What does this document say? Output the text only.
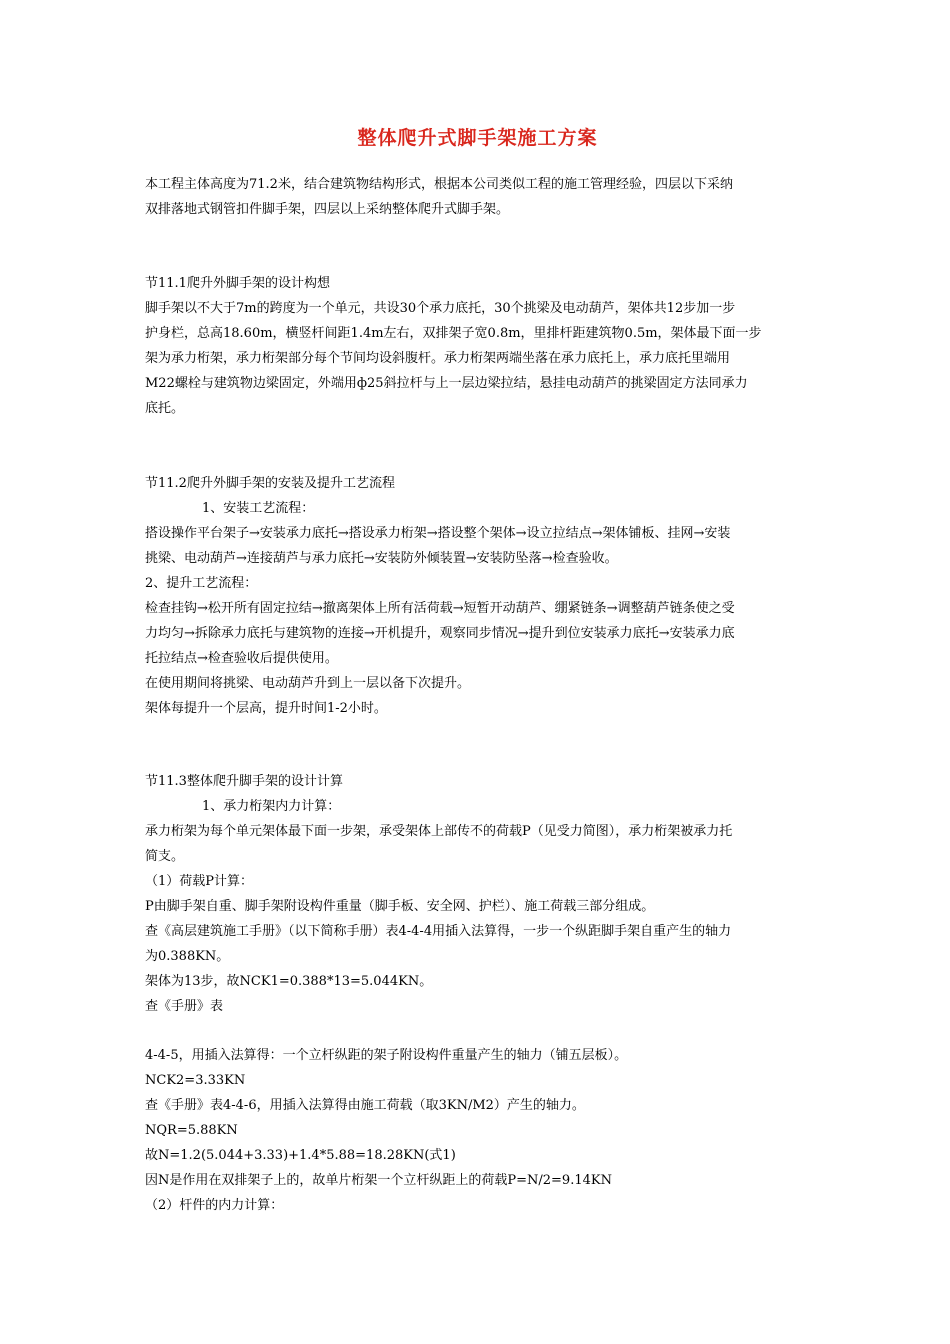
整体爬升式脚手架施工方案

本工程主体高度为71.2米，结合建筑物结构形式，根据本公司类似工程的施工管理经验，四层以下采纳

双排落地式钢管扣件脚手架，四层以上采纳整体爬升式脚手架。

节11.1爬升外脚手架的设计构想

脚手架以不大于7m的跨度为一个单元，共设30个承力底托，30个挑梁及电动葫芦，架体共12步加一步

护身栏，总高18.60m，横竖杆间距1.4m左右，双排架子宽0.8m，里排杆距建筑物0.5m，架体最下面一步

架为承力桁架，承力桁架部分每个节间均设斜腹杆。承力桁架两端坐落在承力底托上，承力底托里端用

M22螺栓与建筑物边梁固定，外端用ф25斜拉杆与上一层边梁拉结，悬挂电动葫芦的挑梁固定方法同承力

底托。

节11.2爬升外脚手架的安装及提升工艺流程

1、安装工艺流程：

搭设操作平台架子→安装承力底托→搭设承力桁架→搭设整个架体→设立拉结点→架体铺板、挂网→安装

挑梁、电动葫芦→连接葫芦与承力底托→安装防外倾装置→安装防坠落→检查验收。

2、提升工艺流程：

检查挂钩→松开所有固定拉结→撤离架体上所有活荷载→短暂开动葫芦、绷紧链条→调整葫芦链条使之受

力均匀→拆除承力底托与建筑物的连接→开机提升，观察同步情况→提升到位安装承力底托→安装承力底

托拉结点→检查验收后提供使用。

在使用期间将挑梁、电动葫芦升到上一层以备下次提升。

架体每提升一个层高，提升时间1-2小时。

节11.3整体爬升脚手架的设计计算

1、承力桁架内力计算：

承力桁架为每个单元架体最下面一步架，承受架体上部传不的荷载P（见受力简图），承力桁架被承力托

简支。

（1）荷载P计算：

P由脚手架自重、脚手架附设构件重量（脚手板、安全网、护栏）、施工荷载三部分组成。

查《高层建筑施工手册》（以下简称手册）表4-4-4用插入法算得，一步一个纵距脚手架自重产生的轴力

为0.388KN。

架体为13步，故NCK1=0.388*13=5.044KN。

查《手册》表

4-4-5，用插入法算得：一个立杆纵距的架子附设构件重量产生的轴力（铺五层板）。

NCK2=3.33KN

查《手册》表4-4-6，用插入法算得由施工荷载（取3KN/M2）产生的轴力。

NQR=5.88KN

故N=1.2(5.044+3.33)+1.4*5.88=18.28KN(式1)

因N是作用在双排架子上的，故单片桁架一个立杆纵距上的荷载P=N/2=9.14KN

（2）杆件的内力计算：
